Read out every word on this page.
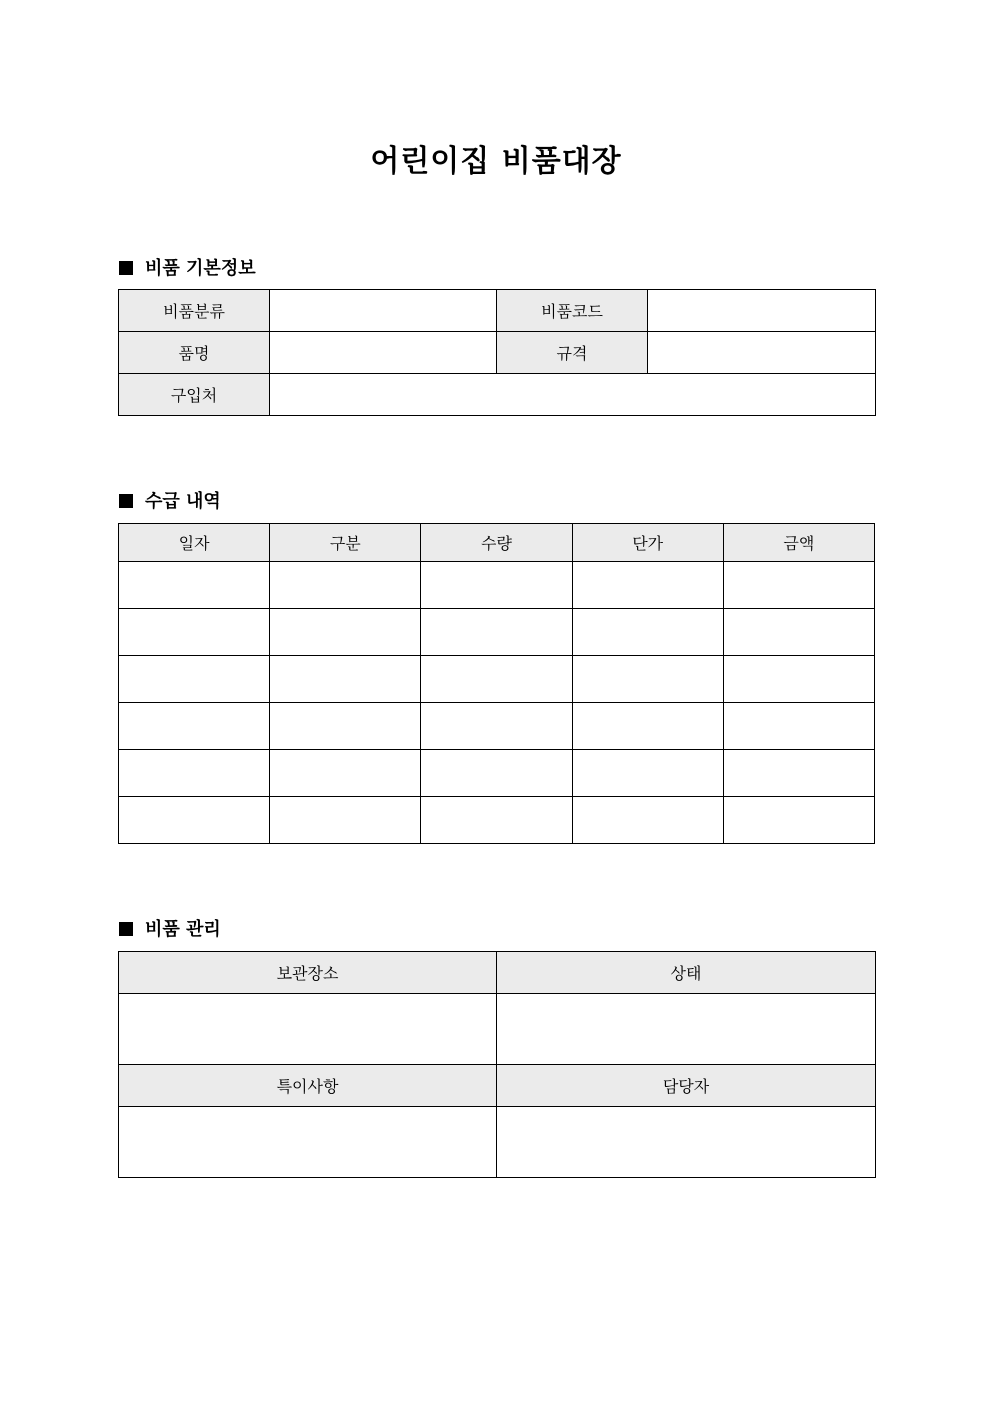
어린이집 비품대장
비품 기본정보
비품분류		비품코드	
품명		규격	
구입처			
수급 내역
일자	구분	수량	단가	금액

비품 관리
보관장소	상태

특이사항	담당자
